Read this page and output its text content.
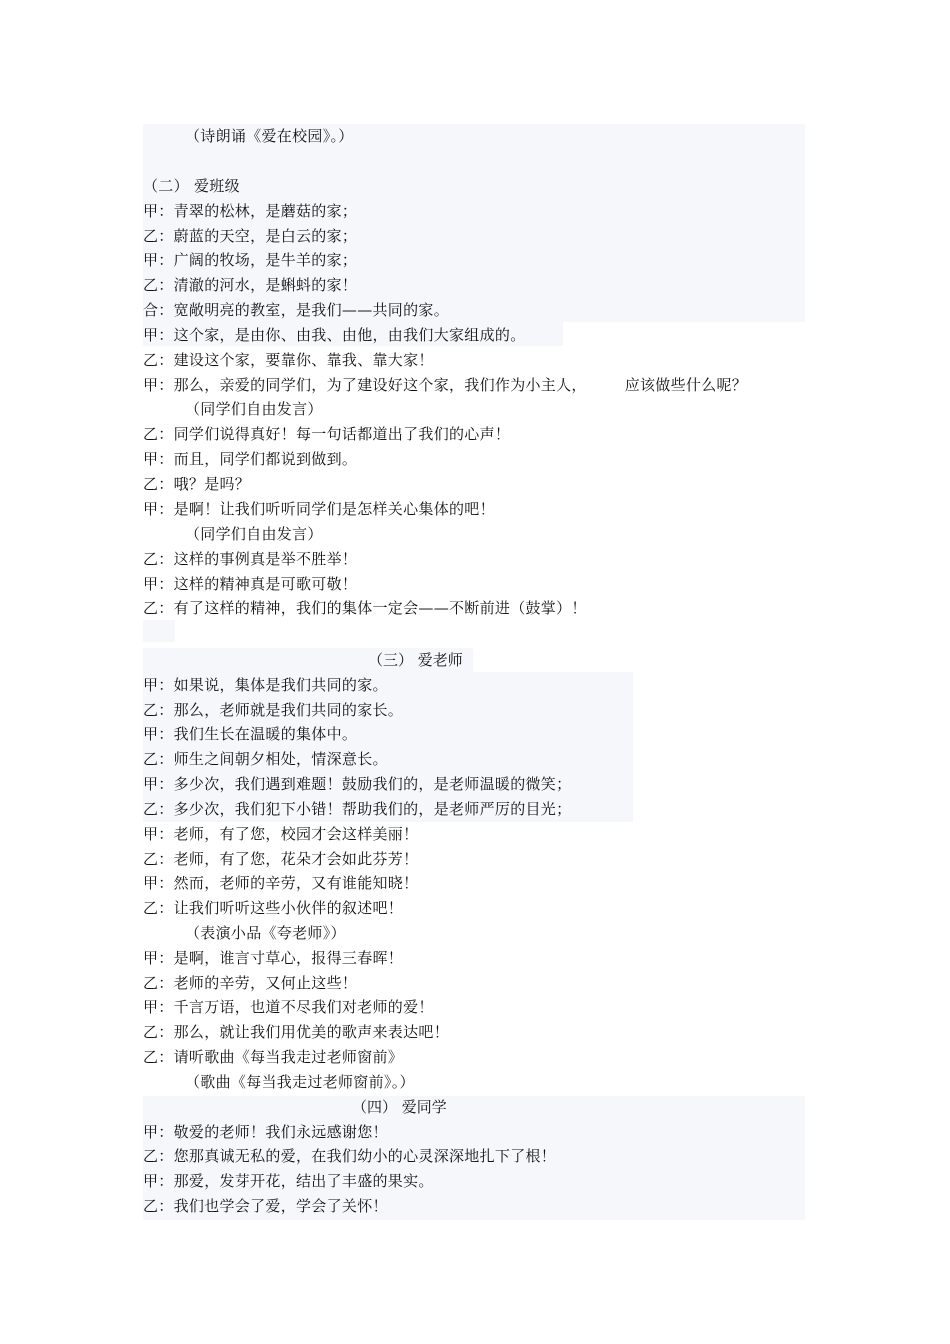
（诗朗诵《爱在校园》。）
（二） 爱班级
甲：青翠的松林，是蘑菇的家；
乙：蔚蓝的天空，是白云的家；
甲：广阔的牧场，是牛羊的家；
乙：清澈的河水，是蝌蚪的家！
合：宽敞明亮的教室，是我们——共同的家。
甲：这个家，是由你、由我、由他，由我们大家组成的。
乙：建设这个家，要靠你、靠我、靠大家！
甲：那么，亲爱的同学们，为了建设好这个家，我们作为小主人，	应该做些什么呢？
（同学们自由发言）
乙：同学们说得真好！每一句话都道出了我们的心声！
甲：而且，同学们都说到做到。
乙：哦？是吗？
甲：是啊！让我们听听同学们是怎样关心集体的吧！
（同学们自由发言）
乙：这样的事例真是举不胜举！
甲：这样的精神真是可歌可敬！
乙：有了这样的精神，我们的集体一定会——不断前进（鼓掌）！
（三） 爱老师
甲：如果说，集体是我们共同的家。
乙：那么，老师就是我们共同的家长。
甲：我们生长在温暖的集体中。
乙：师生之间朝夕相处，情深意长。
甲：多少次，我们遇到难题！鼓励我们的，是老师温暖的微笑；
乙：多少次，我们犯下小错！帮助我们的，是老师严厉的目光；
甲：老师，有了您，校园才会这样美丽！
乙：老师，有了您，花朵才会如此芬芳！
甲：然而，老师的辛劳，又有谁能知晓！
乙：让我们听听这些小伙伴的叙述吧！
（表演小品《夸老师》）
甲：是啊，谁言寸草心，报得三春晖！
乙：老师的辛劳，又何止这些！
甲：千言万语，也道不尽我们对老师的爱！
乙：那么，就让我们用优美的歌声来表达吧！
乙：请听歌曲《每当我走过老师窗前》
（歌曲《每当我走过老师窗前》。）
（四） 爱同学
甲：敬爱的老师！我们永远感谢您！
乙：您那真诚无私的爱，在我们幼小的心灵深深地扎下了根！
甲：那爱，发芽开花，结出了丰盛的果实。
乙：我们也学会了爱，学会了关怀！
